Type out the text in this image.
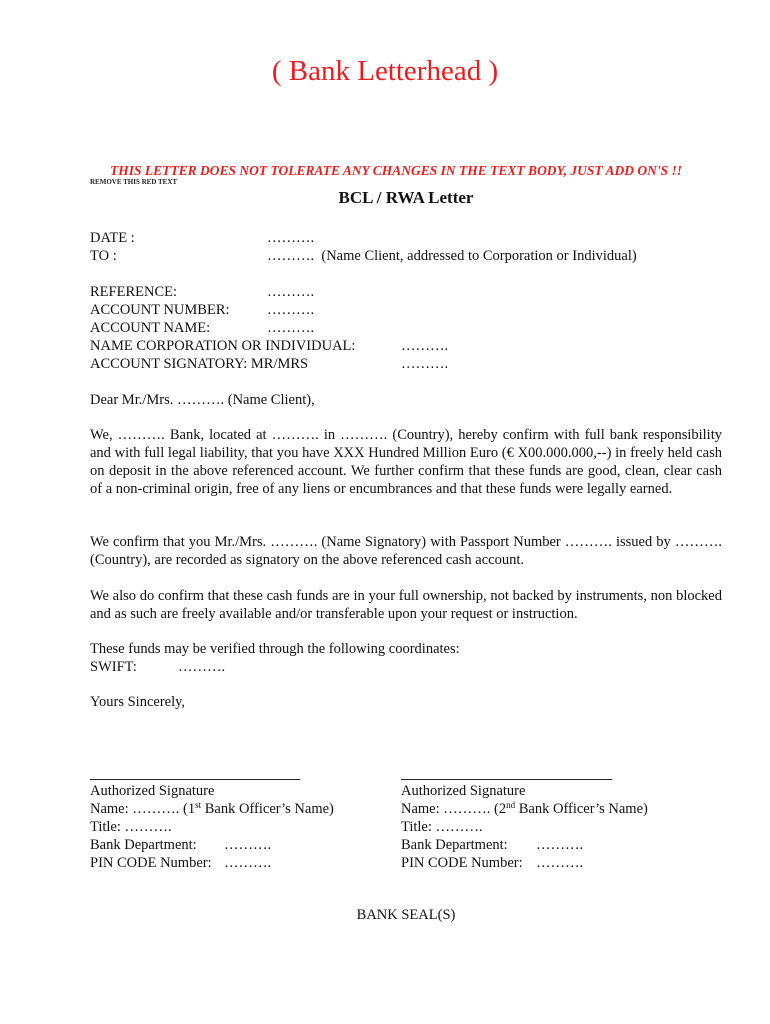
( Bank Letterhead )
THIS LETTER DOES NOT TOLERATE ANY CHANGES IN THE TEXT BODY, JUST ADD ON'S !!
REMOVE THIS RED TEXT
BCL / RWA Letter
DATE :	……….
TO :	……….  (Name Client, addressed to Corporation or Individual)
REFERENCE:	……….
ACCOUNT NUMBER:	……….
ACCOUNT NAME:	……….
NAME CORPORATION OR INDIVIDUAL:	……….
ACCOUNT SIGNATORY: MR/MRS	……….
Dear Mr./Mrs. ………. (Name Client),
We, ………. Bank, located at ………. in ………. (Country), hereby confirm with full bank responsibility and with full legal liability, that you have XXX Hundred Million Euro (€ X00.000.000,--) in freely held cash on deposit in the above referenced account. We further confirm that these funds are good, clean, clear cash of a non-criminal origin, free of any liens or encumbrances and that these funds were legally earned.
We confirm that you Mr./Mrs. ………. (Name Signatory) with Passport Number ………. issued by ………. (Country), are recorded as signatory on the above referenced cash account.
We also do confirm that these cash funds are in your full ownership, not backed by instruments, non blocked and as such are freely available and/or transferable upon your request or instruction.
These funds may be verified through the following coordinates:
SWIFT:	……….
Yours Sincerely,
Authorized Signature
Name: ………. (1st Bank Officer’s Name)
Title: ……….
Bank Department: ……….
PIN CODE Number: ……….
Authorized Signature
Name: ………. (2nd Bank Officer’s Name)
Title: ……….
Bank Department: ……….
PIN CODE Number: ……….
BANK SEAL(S)
